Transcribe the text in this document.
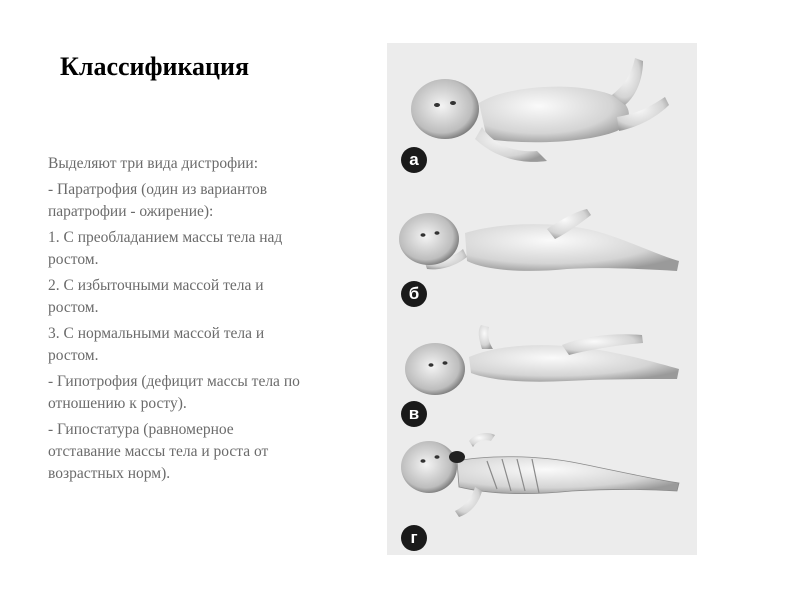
Классификация

Выделяют три вида дистрофии:

- Паратрофия (один из вариантов паратрофии - ожирение):

1. С преобладанием массы тела над ростом.

2. С избыточными массой тела и ростом.

3. С нормальными массой тела и ростом.

- Гипотрофия (дефицит массы тела по отношению к росту).

- Гипостатура (равномерное отставание массы тела и роста от возрастных норм).

а
б
в
г
